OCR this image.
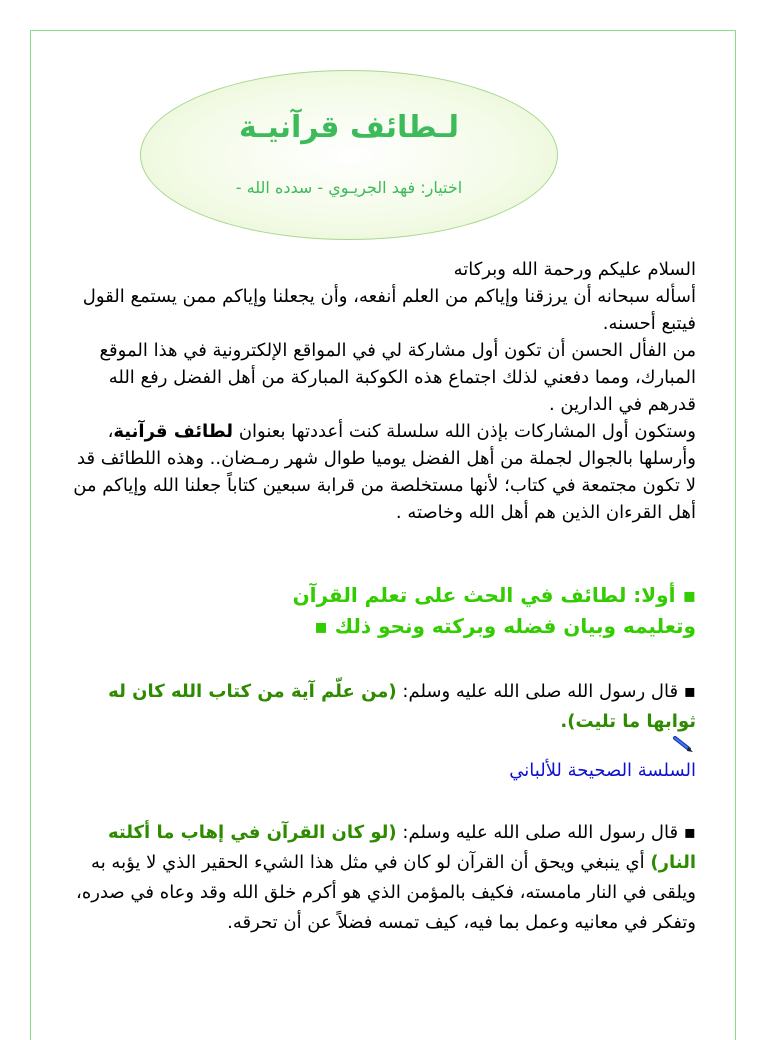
لـطائف قرآنيـة
اختيار: فهد الجريـوي - سدده الله -

السلام عليكم ورحمة الله وبركاته

أسأله سبحانه أن يرزقنا وإياكم من العلم أنفعه، وأن يجعلنا وإياكم ممن يستمع القول فيتبع أحسنه.

من الفأل الحسن أن تكون أول مشاركة لي في المواقع الإلكترونية في هذا الموقع المبارك، ومما دفعني لذلك اجتماع هذه الكوكبة المباركة من أهل الفضل رفع الله قدرهم في الدارين .

وستكون أول المشاركات بإذن الله سلسلة كنت أعددتها بعنوان لطائف قرآنية، وأرسلها بالجوال لجملة من أهل الفضل يوميا طوال شهر رمـضان.. وهذه اللطائف قد لا تكون مجتمعة في كتاب؛ لأنها مستخلصة من قرابة سبعين كتاباً جعلنا الله وإياكم من أهل القرءان الذين هم أهل الله وخاصته .

▪ أولا: لطائف في الحث على تعلم القرآن
وتعليمه وبيان فضله وبركته ونحو ذلك ▪
▪ قال رسول الله صلى الله عليه وسلم: (من علّم آية من كتاب الله كان له ثوابها ما تليت).
السلسة الصحيحة للألباني
▪ قال رسول الله صلى الله عليه وسلم: (لو كان القرآن في إهاب ما أكلته النار) أي ينبغي ويحق أن القرآن لو كان في مثل هذا الشيء الحقير الذي لا يؤبه به ويلقى في النار مامسته، فكيف بالمؤمن الذي هو أكرم خلق الله وقد وعاه في صدره، وتفكر في معانيه وعمل بما فيه، كيف تمسه فضلاً عن أن تحرقه.
